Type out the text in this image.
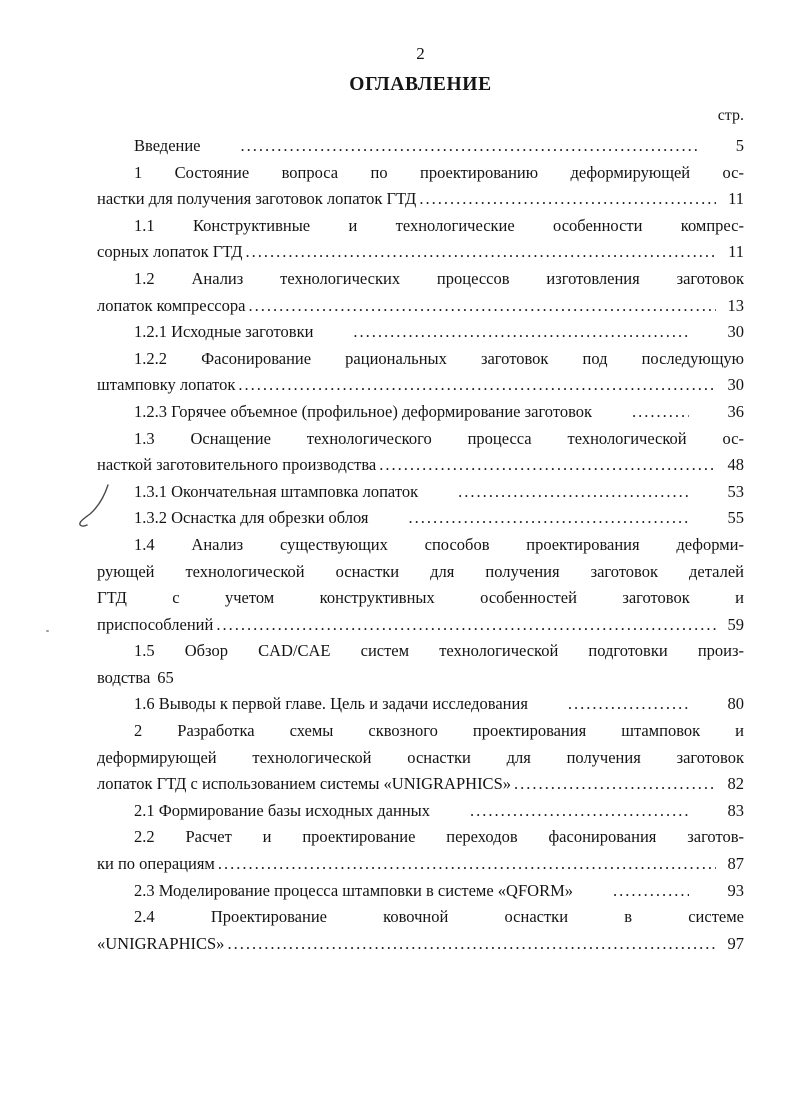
2
ОГЛАВЛЕНИЕ
стр.
Введение .....	5
1 Состояние вопроса по проектированию деформирующей ос-
настки для получения заготовок лопаток ГТД .....	11
1.1 Конструктивные и технологические особенности компрес-
сорных лопаток ГТД .....	11
1.2 Анализ технологических процессов изготовления заготовок
лопаток компрессора .....	13
1.2.1 Исходные заготовки .....	30
1.2.2 Фасонирование рациональных заготовок под последующую
штамповку лопаток .....	30
1.2.3 Горячее объемное (профильное) деформирование заготовок .....	36
1.3 Оснащение технологического процесса технологической ос-
насткой заготовительного производства .....	48
1.3.1 Окончательная штамповка лопаток .....	53
1.3.2 Оснастка для обрезки облоя .....	55
1.4 Анализ существующих способов проектирования деформи-
рующей технологической оснастки для получения заготовок деталей
ГТД с учетом конструктивных особенностей заготовок и
приспособлений .....	59
1.5 Обзор CAD/CAE систем технологической подготовки произ-
водства 65
1.6 Выводы к первой главе. Цель и задачи исследования .....	80
2 Разработка схемы сквозного проектирования штамповок и
деформирующей технологической оснастки для получения заготовок
лопаток ГТД с использованием системы «UNIGRAPHICS» .....	82
2.1 Формирование базы исходных данных .....	83
2.2 Расчет и проектирование переходов фасонирования заготов-
ки по операциям .....	87
2.3 Моделирование процесса штамповки в системе «QFORM» .....	93
2.4 Проектирование ковочной оснастки в системе
«UNIGRAPHICS» .....	97
